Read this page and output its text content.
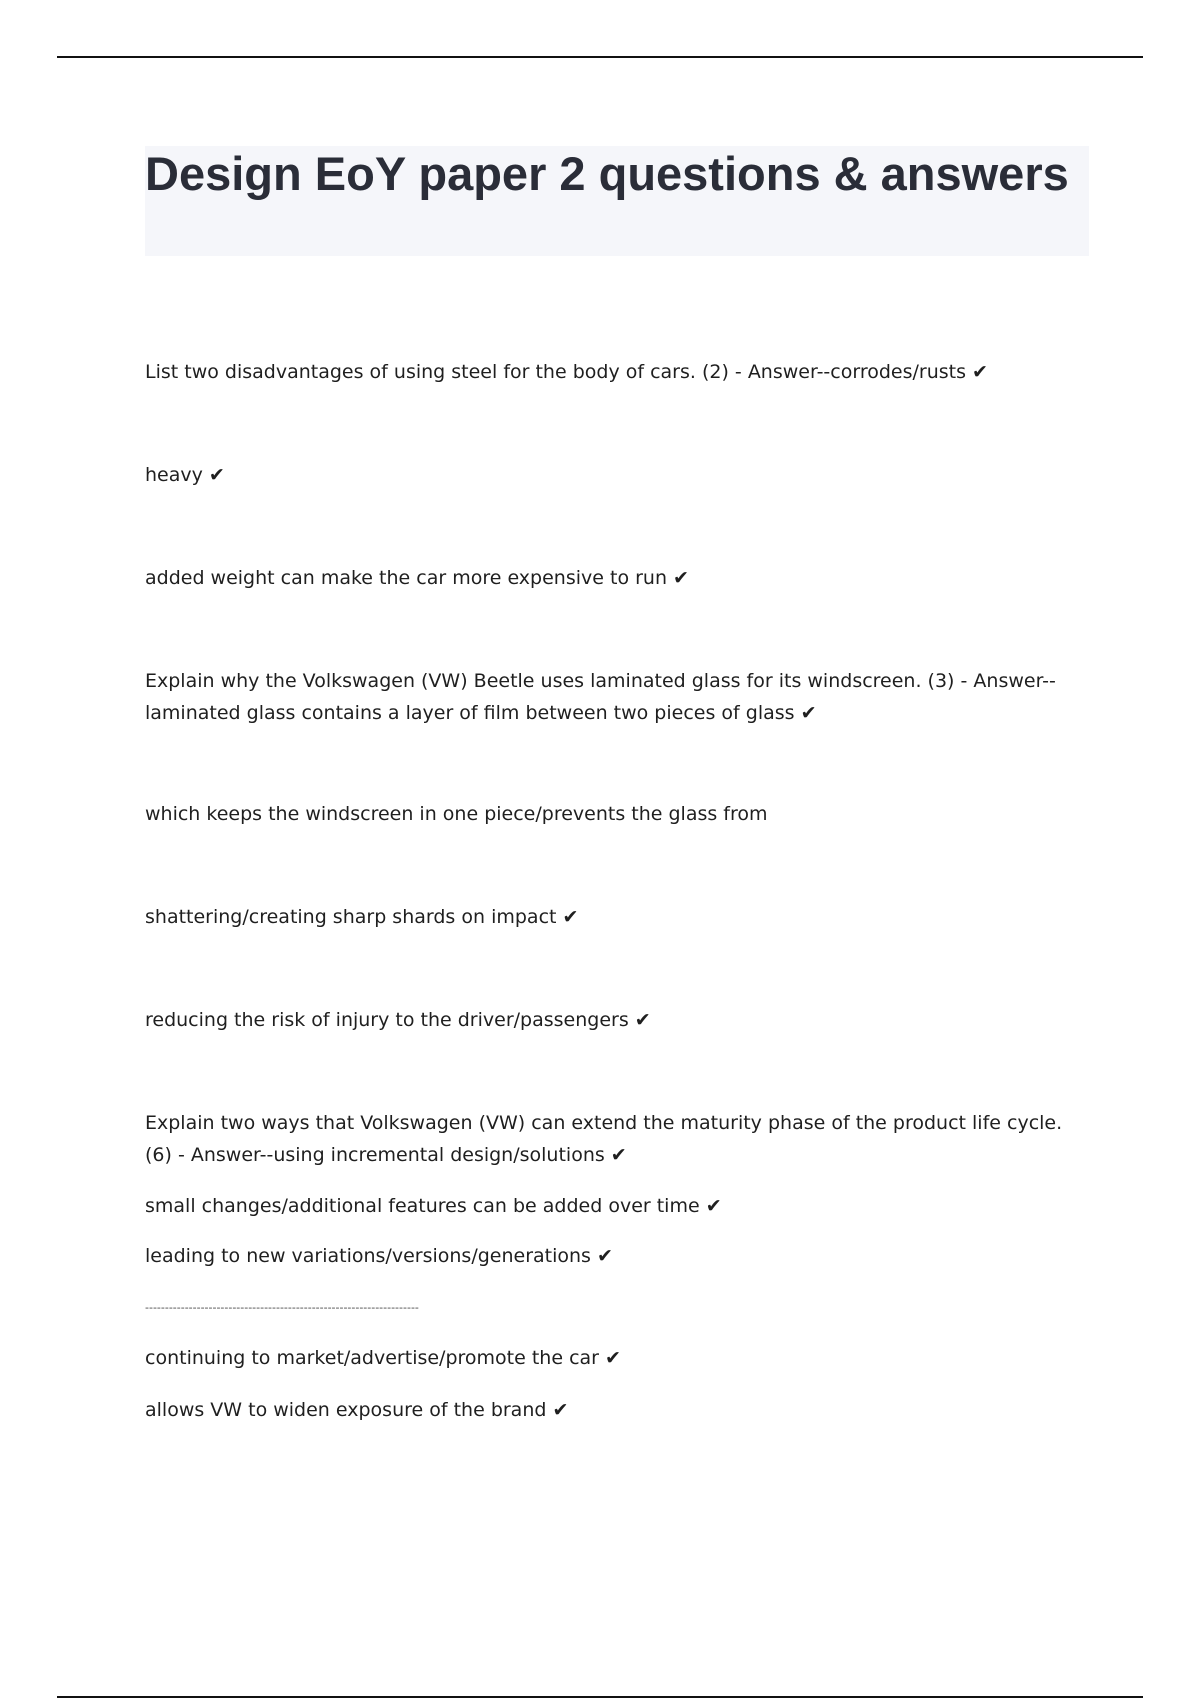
Design EoY paper 2 questions & answers

List two disadvantages of using steel for the body of cars. (2) - Answer--corrodes/rusts ✔

heavy ✔

added weight can make the car more expensive to run ✔

Explain why the Volkswagen (VW) Beetle uses laminated glass for its windscreen. (3) - Answer--laminated glass contains a layer of film between two pieces of glass ✔

which keeps the windscreen in one piece/prevents the glass from

shattering/creating sharp shards on impact ✔

reducing the risk of injury to the driver/passengers ✔

Explain two ways that Volkswagen (VW) can extend the maturity phase of the product life cycle. (6) - Answer--using incremental design/solutions ✔

small changes/additional features can be added over time ✔

leading to new variations/versions/generations ✔

---------------------------------------------------------------------

continuing to market/advertise/promote the car ✔

allows VW to widen exposure of the brand ✔
